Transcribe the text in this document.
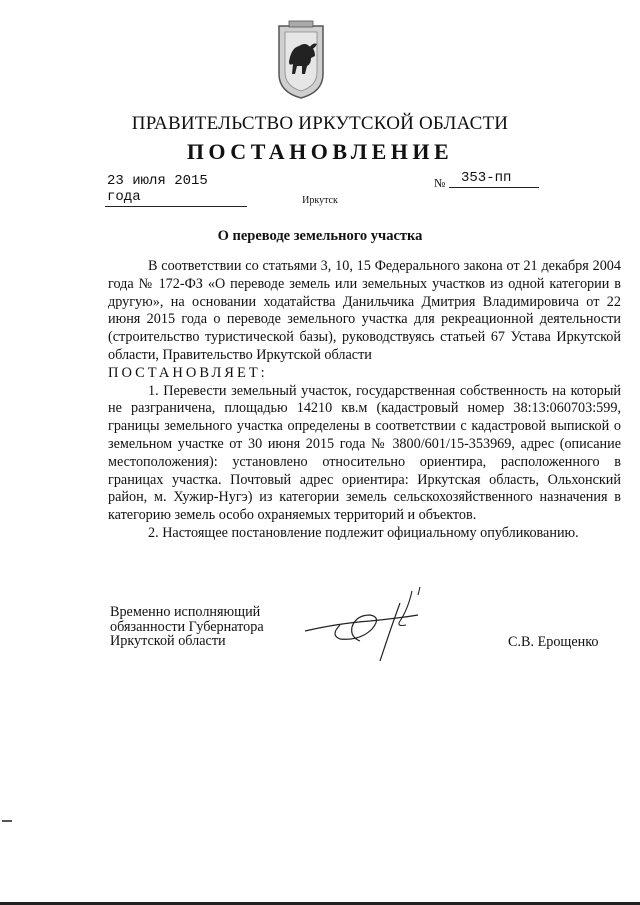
ПРАВИТЕЛЬСТВО ИРКУТСКОЙ ОБЛАСТИ
ПОСТАНОВЛЕНИЕ
23 июля 2015 года
№	353-пп
Иркутск
О переводе земельного участка

В соответствии со статьями 3, 10, 15 Федерального закона от 21 декабря 2004 года № 172-ФЗ «О переводе земель или земельных участков из одной категории в другую», на основании ходатайства Данильчика Дмитрия Владимировича от 22 июня 2015 года о переводе земельного участка для рекреационной деятельности (строительство туристической базы), руководствуясь статьей 67 Устава Иркутской области, Правительство Иркутской области

ПОСТАНОВЛЯЕТ:

1. Перевести земельный участок, государственная собственность на который не разграничена, площадью 14210 кв.м (кадастровый номер 38:13:060703:599, границы земельного участка определены в соответствии с кадастровой выпиской о земельном участке от 30 июня 2015 года № 3800/601/15-353969, адрес (описание местоположения): установлено относительно ориентира, расположенного в границах участка. Почтовый адрес ориентира: Иркутская область, Ольхонский район, м. Хужир-Нугэ) из категории земель сельскохозяйственного назначения в категорию земель особо охраняемых территорий и объектов.

2. Настоящее постановление подлежит официальному опубликованию.

Временно исполняющий
обязанности Губернатора
Иркутской области	С.В. Ерощенко
